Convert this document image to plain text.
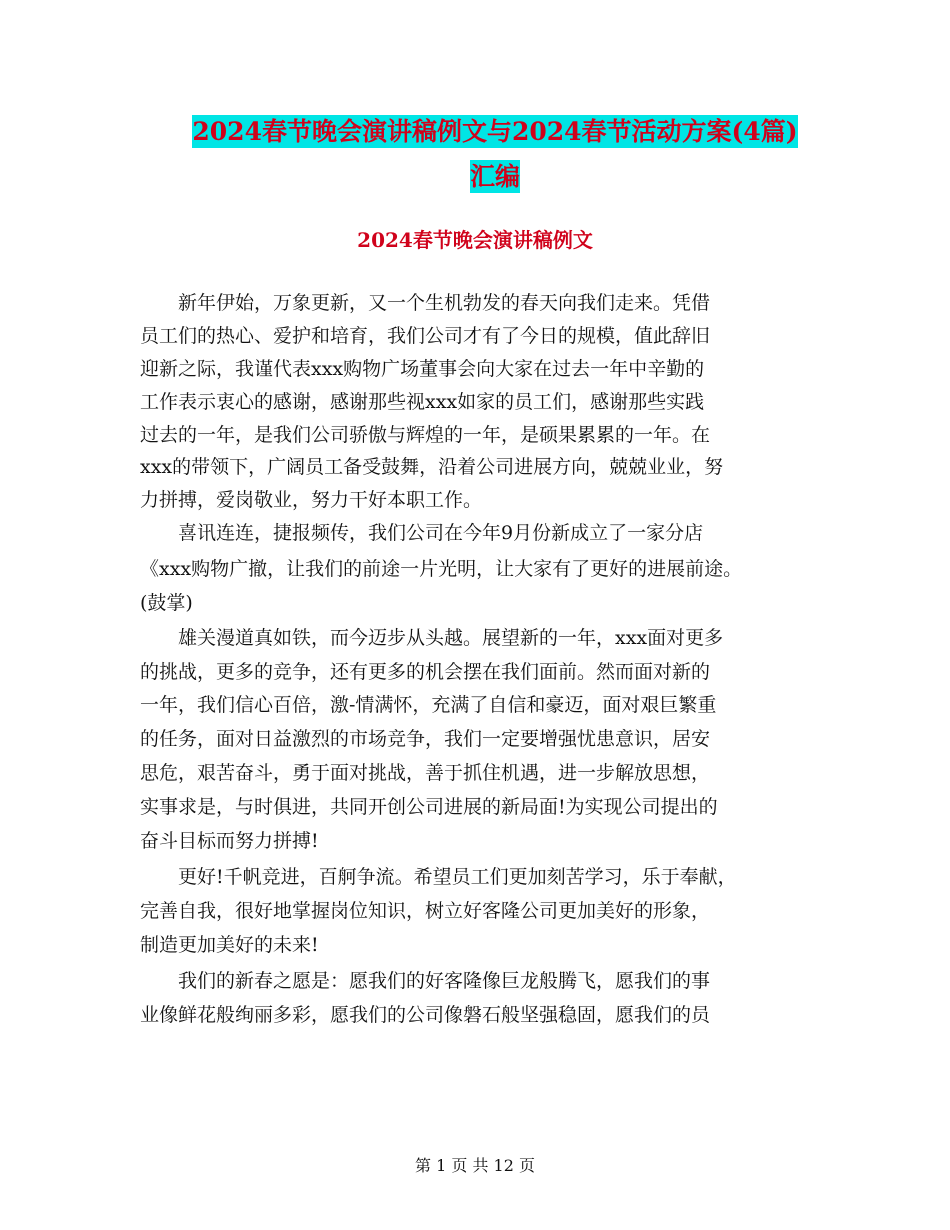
2024春节晚会演讲稿例文与2024春节活动方案(4篇)
汇编
2024春节晚会演讲稿例文
　　新年伊始，万象更新，又一个生机勃发的春天向我们走来。凭借
员工们的热心、爱护和培育，我们公司才有了今日的规模，值此辞旧
迎新之际，我谨代表xxx购物广场董事会向大家在过去一年中辛勤的
工作表示衷心的感谢，感谢那些视xxx如家的员工们，感谢那些实践
过去的一年，是我们公司骄傲与辉煌的一年，是硕果累累的一年。在
xxx的带领下，广阔员工备受鼓舞，沿着公司进展方向，兢兢业业，努
力拼搏，爱岗敬业，努力干好本职工作。
　　喜讯连连，捷报频传，我们公司在今年9月份新成立了一家分店
《xxx购物广撤，让我们的前途一片光明，让大家有了更好的进展前途。
(鼓掌)
　　雄关漫道真如铁，而今迈步从头越。展望新的一年，xxx面对更多
的挑战，更多的竞争，还有更多的机会摆在我们面前。然而面对新的
一年，我们信心百倍，激-情满怀，充满了自信和豪迈，面对艰巨繁重
的任务，面对日益激烈的市场竞争，我们一定要增强忧患意识，居安
思危，艰苦奋斗，勇于面对挑战，善于抓住机遇，进一步解放思想，
实事求是，与时俱进，共同开创公司进展的新局面!为实现公司提出的
奋斗目标而努力拼搏!
　　更好!千帆竞进，百舸争流。希望员工们更加刻苦学习，乐于奉献，
完善自我，很好地掌握岗位知识，树立好客隆公司更加美好的形象，
制造更加美好的未来!
　　我们的新春之愿是：愿我们的好客隆像巨龙般腾飞，愿我们的事
业像鲜花般绚丽多彩，愿我们的公司像磐石般坚强稳固，愿我们的员
第 1 页 共 12 页
